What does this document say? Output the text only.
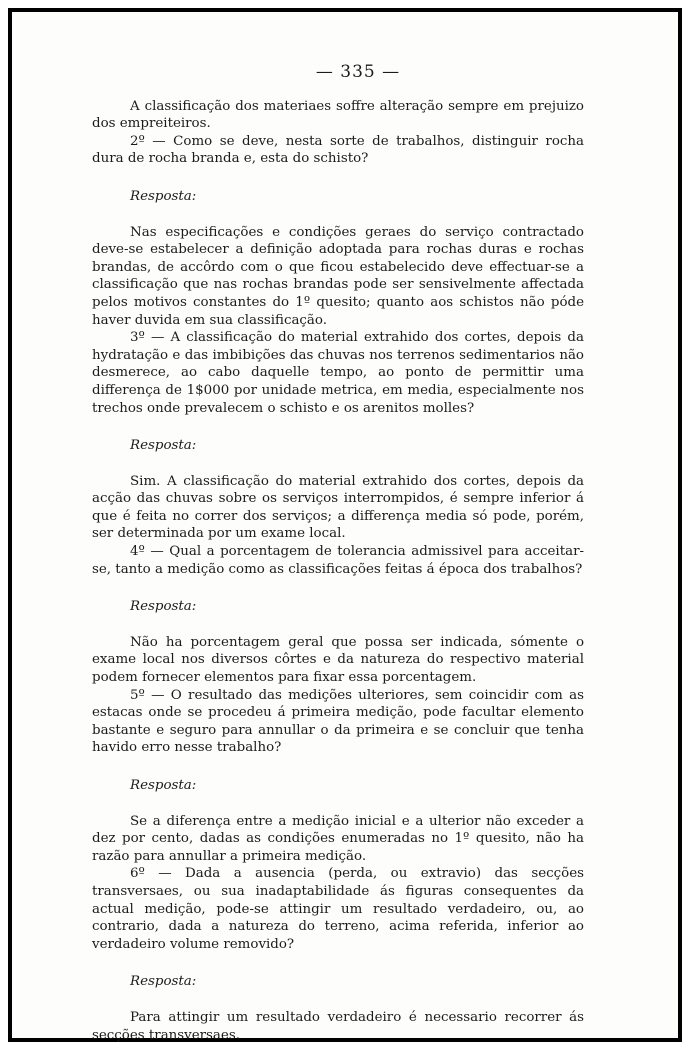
— 335 —

A classificação dos materiaes soffre alteração sempre em prejuizo dos empreiteiros.

2º — Como se deve, nesta sorte de trabalhos, distinguir rocha dura de rocha branda e, esta do schisto?

Resposta:

Nas especificações e condições geraes do serviço contractado deve-se estabelecer a definição adoptada para rochas duras e rochas brandas, de accôrdo com o que ficou estabelecido deve effectuar-se a classificação que nas rochas brandas pode ser sensivelmente affectada pelos motivos constantes do 1º quesito; quanto aos schistos não póde haver duvida em sua classificação.

3º — A classificação do material extrahido dos cortes, depois da hydratação e das imbibições das chuvas nos terrenos sedimentarios não desmerece, ao cabo daquelle tempo, ao ponto de permittir uma differença de 1$000 por unidade metrica, em media, especialmente nos trechos onde prevalecem o schisto e os arenitos molles?

Resposta:

Sim. A classificação do material extrahido dos cortes, depois da acção das chuvas sobre os serviços interrompidos, é sempre inferior á que é feita no correr dos serviços; a differença media só pode, porém, ser determinada por um exame local.

4º — Qual a porcentagem de tolerancia admissivel para acceitar-se, tanto a medição como as classificações feitas á época dos trabalhos?

Resposta:

Não ha porcentagem geral que possa ser indicada, sómente o exame local nos diversos côrtes e da natureza do respectivo material podem fornecer elementos para fixar essa porcentagem.

5º — O resultado das medições ulteriores, sem coincidir com as estacas onde se procedeu á primeira medição, pode facultar elemento bastante e seguro para annullar o da primeira e se concluir que tenha havido erro nesse trabalho?

Resposta:

Se a diferença entre a medição inicial e a ulterior não exceder a dez por cento, dadas as condições enumeradas no 1º quesito, não ha razão para annullar a primeira medição.

6º — Dada a ausencia (perda, ou extravio) das secções transversaes, ou sua inadaptabilidade ás figuras consequentes da actual medição, pode-se attingir um resultado verdadeiro, ou, ao contrario, dada a natureza do terreno, acima referida, inferior ao verdadeiro volume removido?

Resposta:

Para attingir um resultado verdadeiro é necessario recorrer ás secções transversaes.
